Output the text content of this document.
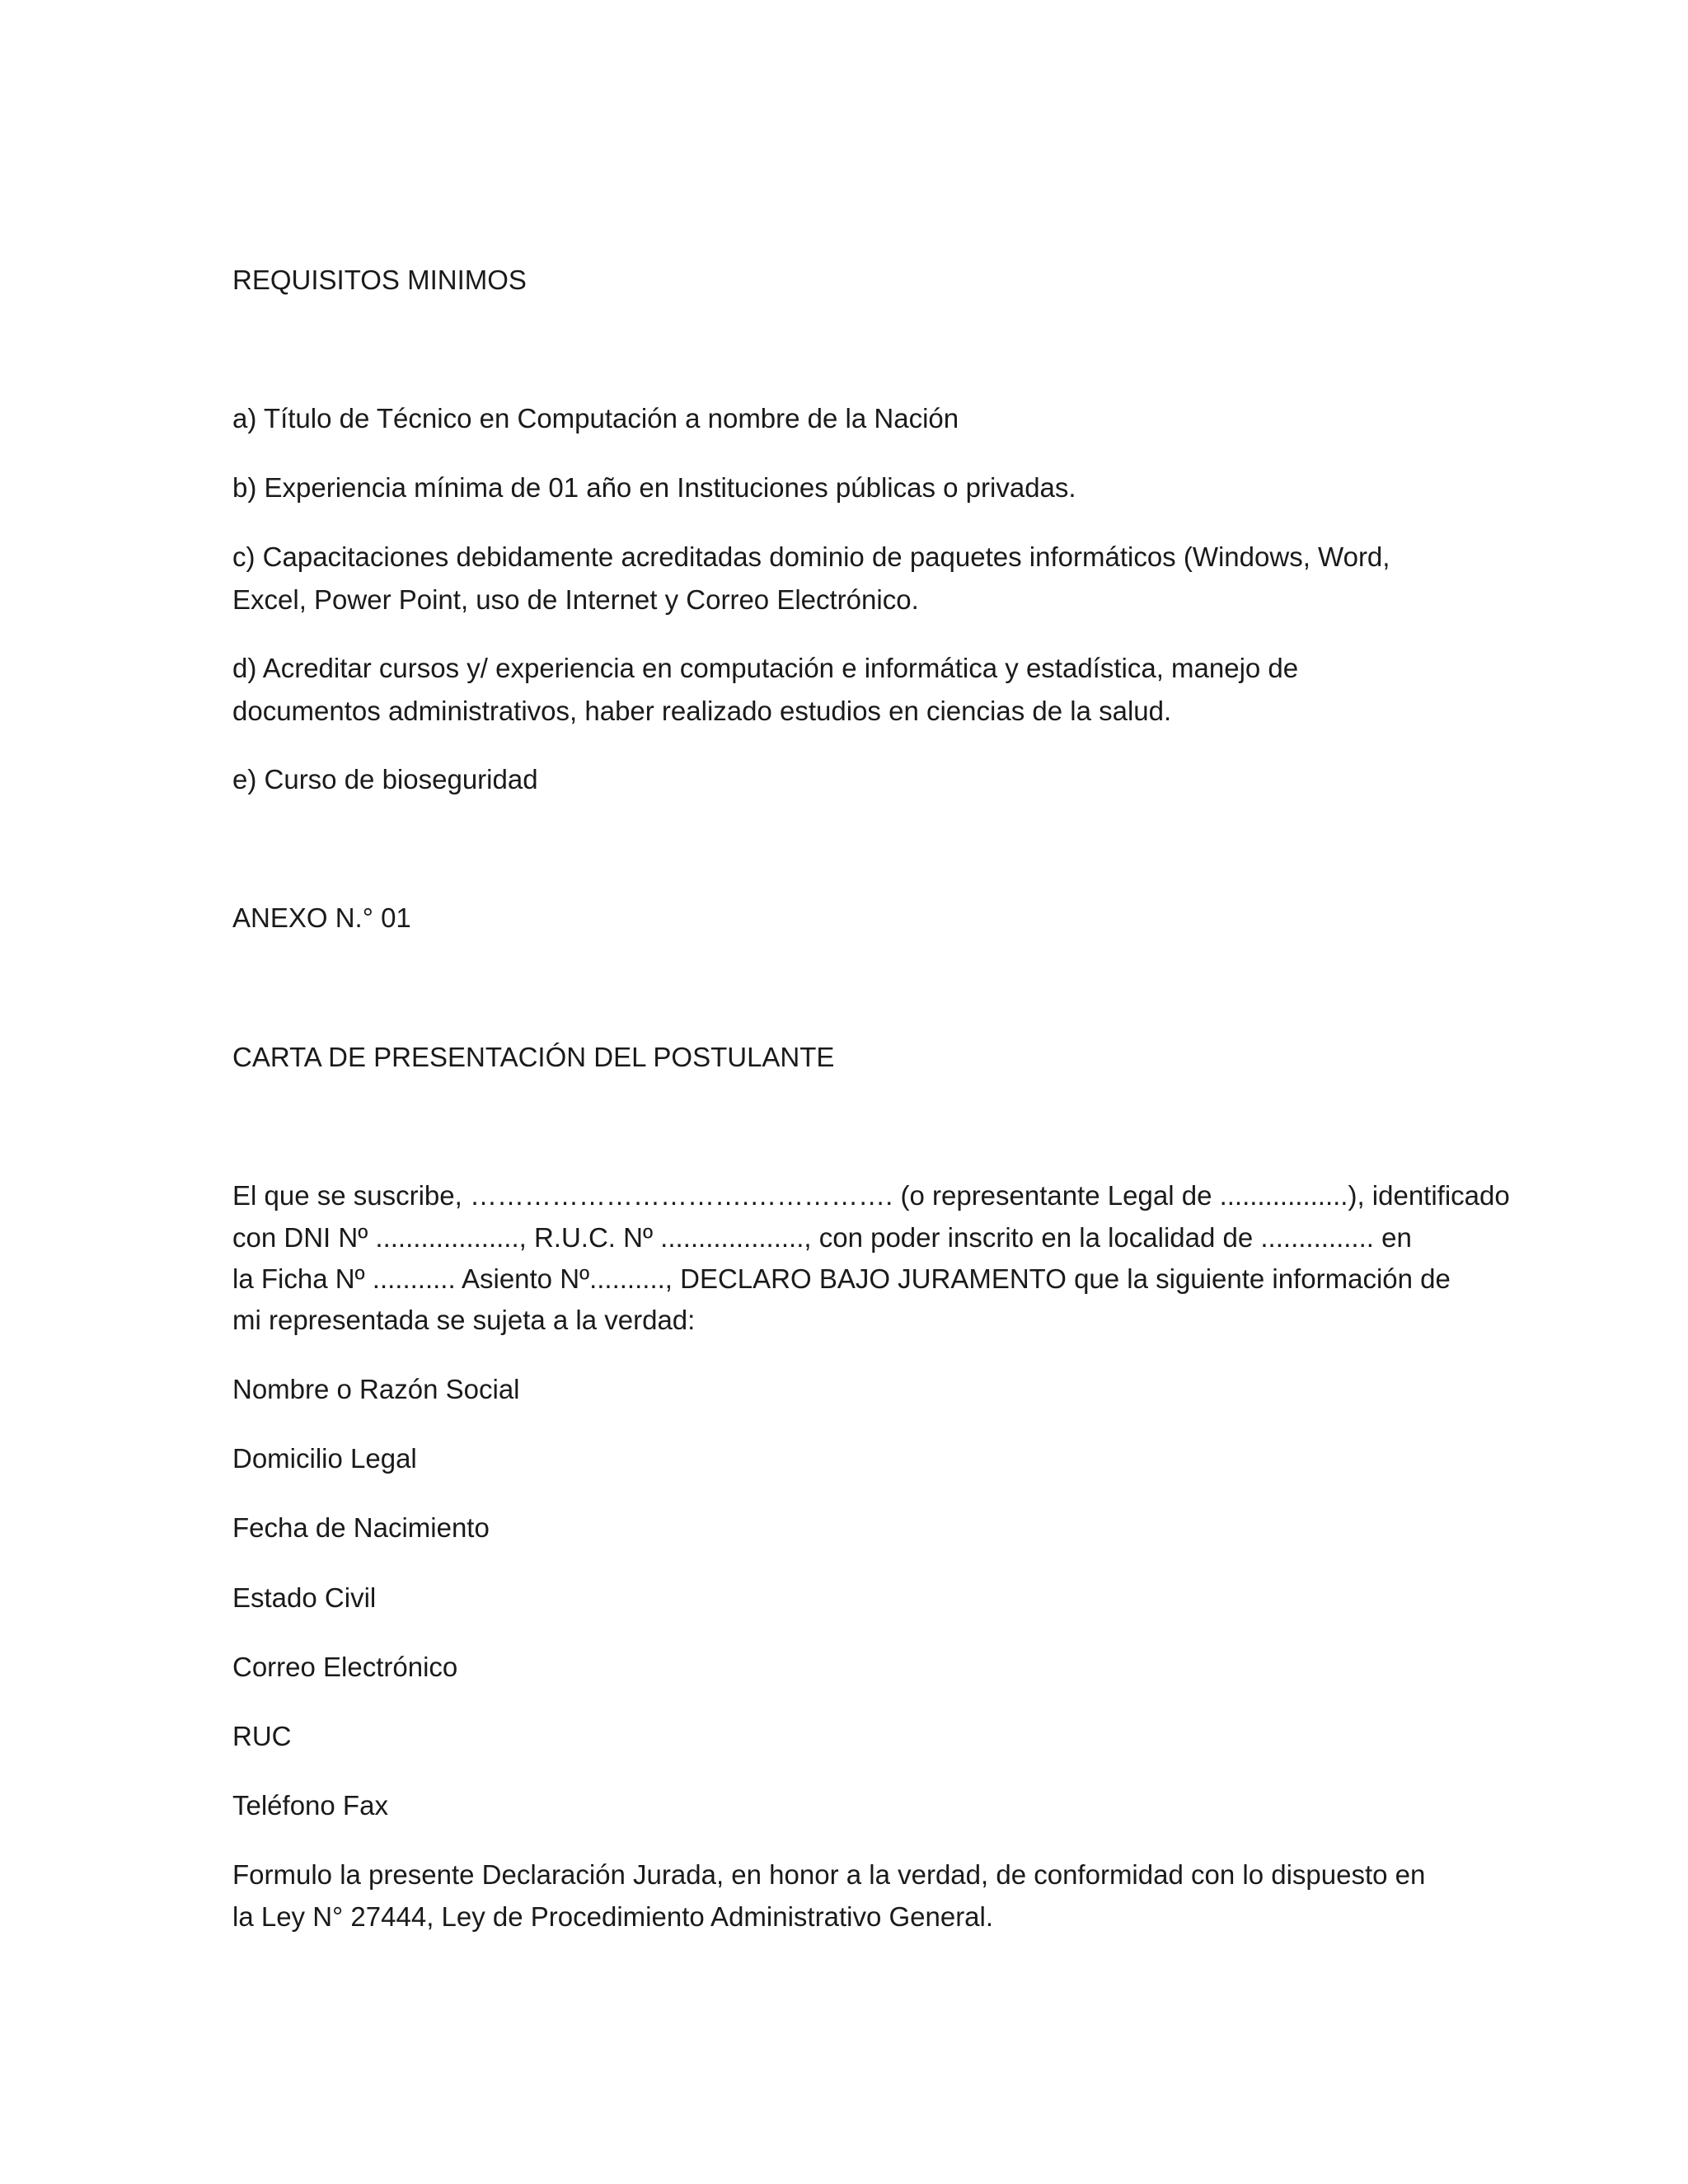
REQUISITOS MINIMOS

a) Título de Técnico en Computación a nombre de la Nación

b) Experiencia mínima de 01 año en Instituciones públicas o privadas.

c) Capacitaciones debidamente acreditadas dominio de paquetes informáticos (Windows, Word, Excel, Power Point, uso de Internet y Correo Electrónico.

d) Acreditar cursos y/ experiencia en computación e informática y estadística, manejo de documentos administrativos, haber realizado estudios en ciencias de la salud.

e) Curso de bioseguridad

ANEXO N.° 01

CARTA DE PRESENTACIÓN DEL POSTULANTE

El que se suscribe, ………………………….……………. (o representante Legal de .................), identificado

con DNI Nº ..................., R.U.C. Nº ..................., con poder inscrito en la localidad de ............... en

la Ficha Nº ........... Asiento Nº.........., DECLARO BAJO JURAMENTO que la siguiente información de

mi representada se sujeta a la verdad:

Nombre o Razón Social

Domicilio Legal

Fecha de Nacimiento

Estado Civil

Correo Electrónico

RUC

Teléfono Fax

Formulo la presente Declaración Jurada, en honor a la verdad, de conformidad con lo dispuesto en

la Ley N° 27444, Ley de Procedimiento Administrativo General.
